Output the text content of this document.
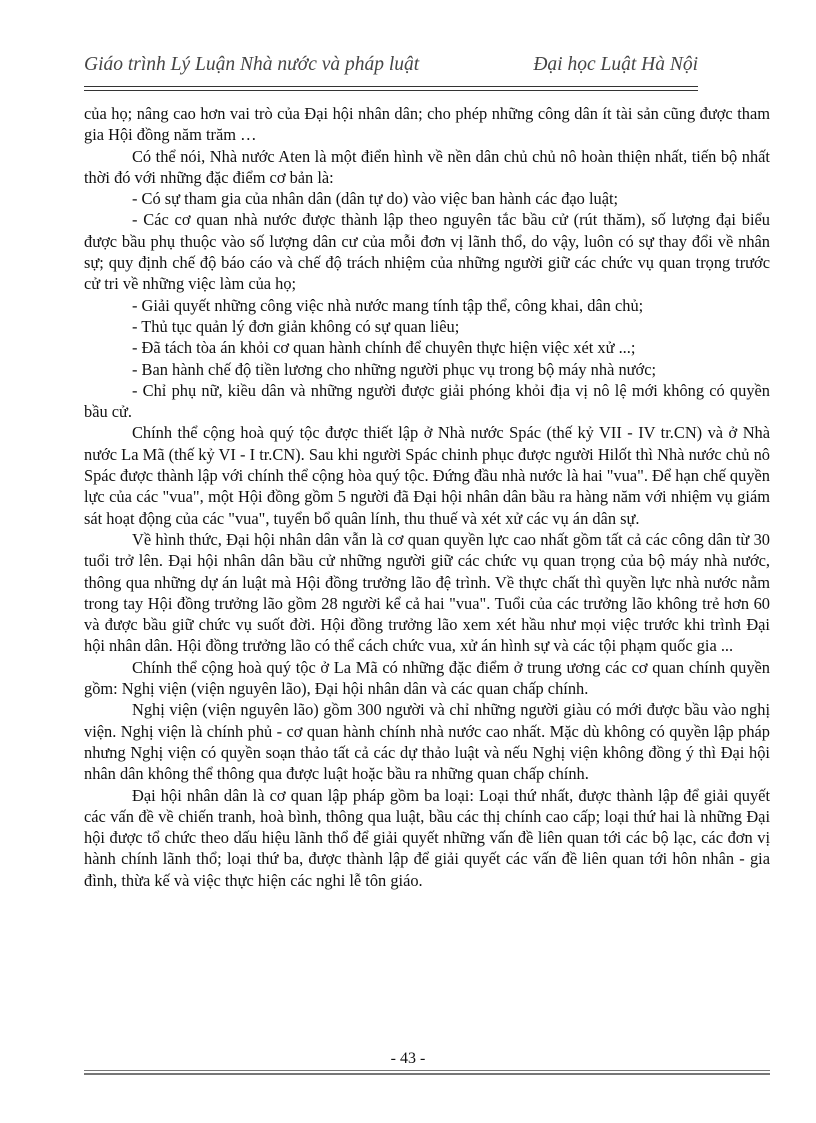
Giáo trình Lý Luận Nhà nước và pháp luật	Đại học Luật Hà Nội

của họ; nâng cao hơn vai trò của Đại hội nhân dân; cho phép những công dân ít tài sản cũng được tham gia Hội đồng năm trăm …

Có thể nói, Nhà nước Aten là một điển hình về nền dân chủ chủ nô hoàn thiện nhất, tiến bộ nhất thời đó với những đặc điểm cơ bản là:

- Có sự tham gia của nhân dân (dân tự do) vào việc ban hành các đạo luật;

- Các cơ quan nhà nước được thành lập theo nguyên tắc bầu cử (rút thăm), số lượng đại biểu được bầu phụ thuộc vào số lượng dân cư của mỗi đơn vị lãnh thổ, do vậy, luôn có sự thay đổi về nhân sự; quy định chế độ báo cáo và chế độ trách nhiệm của những người giữ các chức vụ quan trọng trước cử tri về những việc làm của họ;

- Giải quyết những công việc nhà nước mang tính tập thể, công khai, dân chủ;

- Thủ tục quản lý đơn giản không có sự quan liêu;

- Đã tách tòa án khỏi cơ quan hành chính để chuyên thực hiện việc xét xử ...;

- Ban hành chế độ tiền lương cho những người phục vụ trong bộ máy nhà nước;

- Chỉ phụ nữ, kiều dân và những người được giải phóng khỏi địa vị nô lệ mới không có quyền bầu cử.

Chính thể cộng hoà quý tộc được thiết lập ở Nhà nước Spác (thế kỷ VII - IV tr.CN) và ở Nhà nước La Mã (thế kỷ VI - I tr.CN). Sau khi người Spác chinh phục được người Hilốt thì Nhà nước chủ nô Spác được thành lập với chính thể cộng hòa quý tộc. Đứng đầu nhà nước là hai "vua". Để hạn chế quyền lực của các "vua", một Hội đồng gồm 5 người đã Đại hội nhân dân bầu ra hàng năm với nhiệm vụ giám sát hoạt động của các "vua", tuyển bổ quân lính, thu thuế và xét xử các vụ án dân sự.

Về hình thức, Đại hội nhân dân vẫn là cơ quan quyền lực cao nhất gồm tất cả các công dân từ 30 tuổi trở lên. Đại hội nhân dân bầu cử những người giữ các chức vụ quan trọng của bộ máy nhà nước, thông qua những dự án luật mà Hội đồng trưởng lão đệ trình. Về thực chất thì quyền lực nhà nước nằm trong tay Hội đồng trưởng lão gồm 28 người kể cả hai "vua". Tuổi của các trưởng lão không trẻ hơn 60 và được bầu giữ chức vụ suốt đời. Hội đồng trưởng lão xem xét hầu như mọi việc trước khi trình Đại hội nhân dân. Hội đồng trưởng lão có thể cách chức vua, xử án hình sự và các tội phạm quốc gia ...

Chính thể cộng hoà quý tộc ở La Mã có những đặc điểm ở trung ương các cơ quan chính quyền gồm: Nghị viện (viện nguyên lão), Đại hội nhân dân và các quan chấp chính.

Nghị viện (viện nguyên lão) gồm 300 người và chỉ những người giàu có mới được bầu vào nghị viện. Nghị viện là chính phủ - cơ quan hành chính nhà nước cao nhất. Mặc dù không có quyền lập pháp nhưng Nghị viện có quyền soạn thảo tất cả các dự thảo luật và nếu Nghị viện không đồng ý thì Đại hội nhân dân không thể thông qua được luật hoặc bầu ra những quan chấp chính.

Đại hội nhân dân là cơ quan lập pháp gồm ba loại: Loại thứ nhất, được thành lập để giải quyết các vấn đề về chiến tranh, hoà bình, thông qua luật, bầu các thị chính cao cấp; loại thứ hai là những Đại hội được tổ chức theo dấu hiệu lãnh thổ để giải quyết những vấn đề liên quan tới các bộ lạc, các đơn vị hành chính lãnh thổ; loại thứ ba, được thành lập để giải quyết các vấn đề liên quan tới hôn nhân - gia đình, thừa kế và việc thực hiện các nghi lễ tôn giáo.

- 43 -
